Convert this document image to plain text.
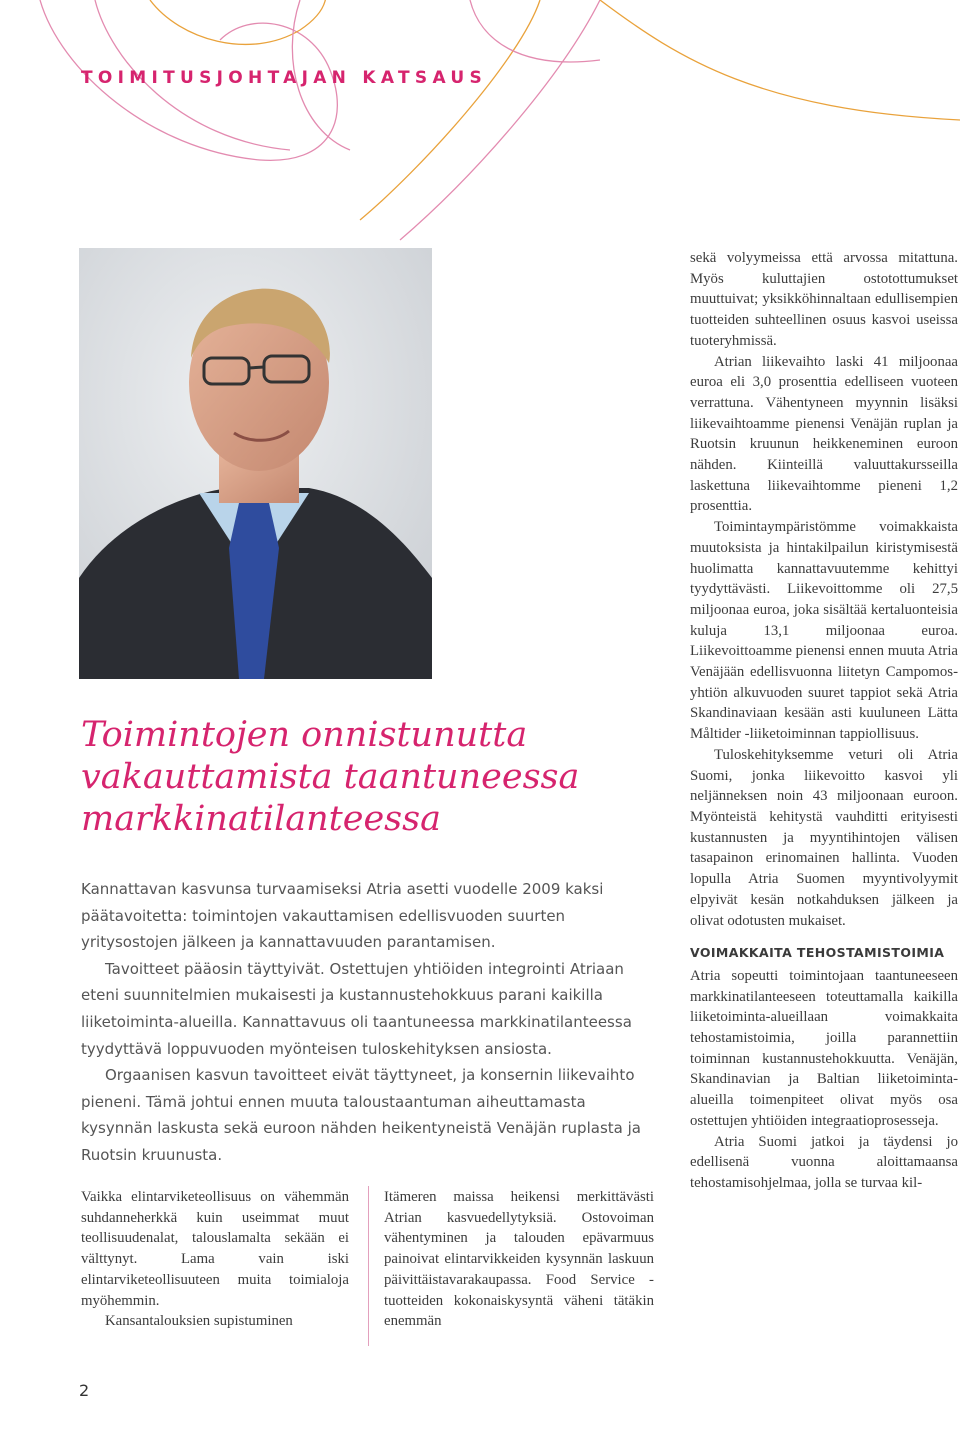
TOIMITUSJOHTAJAN KATSAUS
Toimintojen onnistunutta
vakauttamista taantuneessa
markkinatilanteessa

Kannattavan kasvunsa turvaamiseksi Atria asetti vuodelle 2009 kaksi päätavoitetta: toimintojen vakauttamisen edellisvuoden suurten yritysostojen jälkeen ja kannattavuuden parantamisen.

Tavoitteet pääosin täyttyivät. Ostettujen yhtiöiden integrointi Atriaan eteni suunnitelmien mukaisesti ja kustannustehokkuus parani kaikilla liiketoiminta-alueilla. Kannattavuus oli taantuneessa markkinatilanteessa tyydyttävä loppuvuoden myönteisen tuloskehityksen ansiosta.

Orgaanisen kasvun tavoitteet eivät täyttyneet, ja konsernin liikevaihto pieneni. Tämä johtui ennen muuta taloustaantuman aiheuttamasta kysynnän laskusta sekä euroon nähden heikentyneistä Venäjän ruplasta ja Ruotsin kruunusta.

Vaikka elintarviketeollisuus on vähemmän suhdanneherkkä kuin useimmat muut teollisuudenalat, talouslamalta sekään ei välttynyt. Lama vain iski elintarviketeollisuuteen muita toimialoja myöhemmin.

Kansantalouksien supistuminen

Itämeren maissa heikensi merkittävästi Atrian kasvuedellytyksiä. Ostovoiman vähentyminen ja talouden epävarmuus painoivat elintarvikkeiden kysynnän laskuun päivittäistavarakaupassa. Food Service -tuotteiden kokonaiskysyntä väheni tätäkin enemmän

sekä volyymeissa että arvossa mitattuna. Myös kuluttajien ostotottumukset muuttuivat; yksikköhinnaltaan edullisempien tuotteiden suhteellinen osuus kasvoi useissa tuoteryhmissä.

Atrian liikevaihto laski 41 miljoonaa euroa eli 3,0 prosenttia edelliseen vuoteen verrattuna. Vähentyneen myynnin lisäksi liikevaihtoamme pienensi Venäjän ruplan ja Ruotsin kruunun heikkeneminen euroon nähden. Kiinteillä valuuttakursseilla laskettuna liikevaihtomme pieneni 1,2 prosenttia.

Toimintaympäristömme voimakkaista muutoksista ja hintakilpailun kiristymisestä huolimatta kannattavuutemme kehittyi tyydyttävästi. Liikevoittomme oli 27,5 miljoonaa euroa, joka sisältää kertaluonteisia kuluja 13,1 miljoonaa euroa. Liikevoittoamme pienensi ennen muuta Atria Venäjään edellisvuonna liitetyn Campomos-yhtiön alkuvuoden suuret tappiot sekä Atria Skandinaviaan kesään asti kuuluneen Lätta Måltider -liiketoiminnan tappiollisuus.

Tuloskehityksemme veturi oli Atria Suomi, jonka liikevoitto kasvoi yli neljänneksen noin 43 miljoonaan euroon. Myönteistä kehitystä vauhditti erityisesti kustannusten ja myyntihintojen välisen tasapainon erinomainen hallinta. Vuoden lopulla Atria Suomen myyntivolyymit elpyivät kesän notkahduksen jälkeen ja olivat odotusten mukaiset.

VOIMAKKAITA TEHOSTAMISTOIMIA

Atria sopeutti toimintojaan taantuneeseen markkinatilanteeseen toteuttamalla kaikilla liiketoiminta-alueillaan voimakkaita tehostamistoimia, joilla parannettiin toiminnan kustannustehokkuutta. Venäjän, Skandinavian ja Baltian liiketoiminta-alueilla toimenpiteet olivat myös osa ostettujen yhtiöiden integraatioprosesseja.

Atria Suomi jatkoi ja täydensi jo edellisenä vuonna aloittamaansa tehostamisohjelmaa, jolla se turvaa kil-

2
